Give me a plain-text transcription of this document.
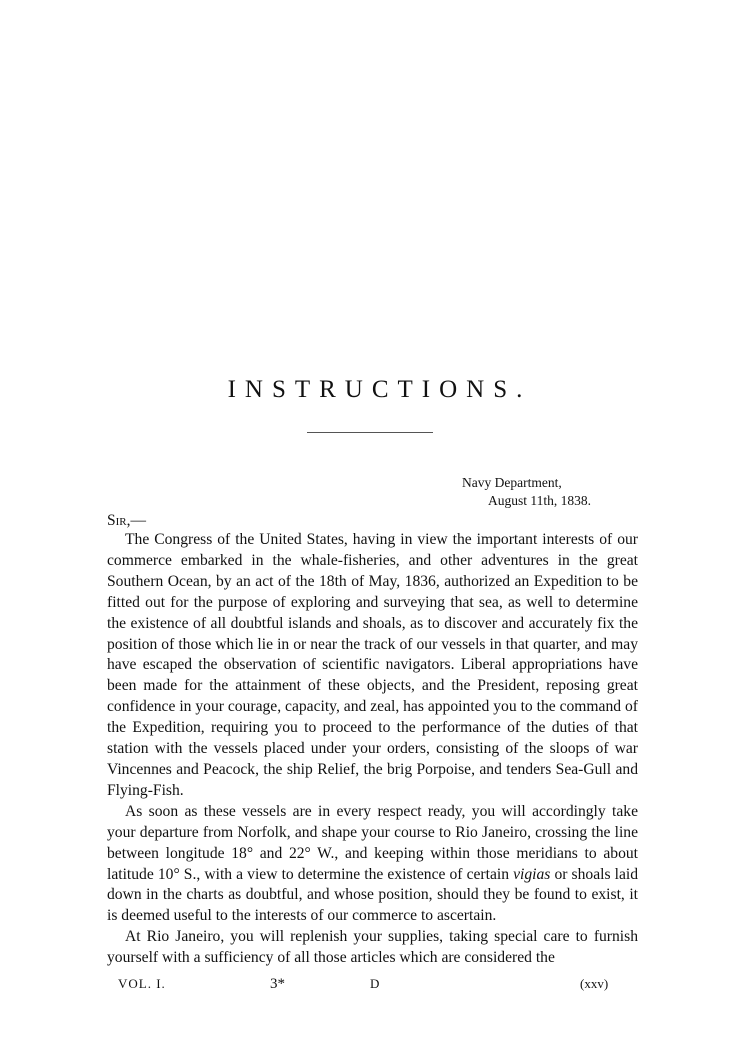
INSTRUCTIONS.
Navy Department,
August 11th, 1838.
Sir,—

The Congress of the United States, having in view the important interests of our commerce embarked in the whale-fisheries, and other adventures in the great Southern Ocean, by an act of the 18th of May, 1836, authorized an Expedition to be fitted out for the purpose of exploring and surveying that sea, as well to determine the existence of all doubtful islands and shoals, as to discover and accurately fix the position of those which lie in or near the track of our vessels in that quarter, and may have escaped the observation of scientific navigators. Liberal appropriations have been made for the attainment of these objects, and the President, reposing great confidence in your courage, capacity, and zeal, has appointed you to the command of the Expedition, requiring you to proceed to the performance of the duties of that station with the vessels placed under your orders, consisting of the sloops of war Vincennes and Peacock, the ship Relief, the brig Porpoise, and tenders Sea-Gull and Flying-Fish.

As soon as these vessels are in every respect ready, you will accordingly take your departure from Norfolk, and shape your course to Rio Janeiro, crossing the line between longitude 18° and 22° W., and keeping within those meridians to about latitude 10° S., with a view to determine the existence of certain vigias or shoals laid down in the charts as doubtful, and whose position, should they be found to exist, it is deemed useful to the interests of our commerce to ascertain.

At Rio Janeiro, you will replenish your supplies, taking special care to furnish yourself with a sufficiency of all those articles which are considered the

VOL. I.	3*	D	(xxv)
